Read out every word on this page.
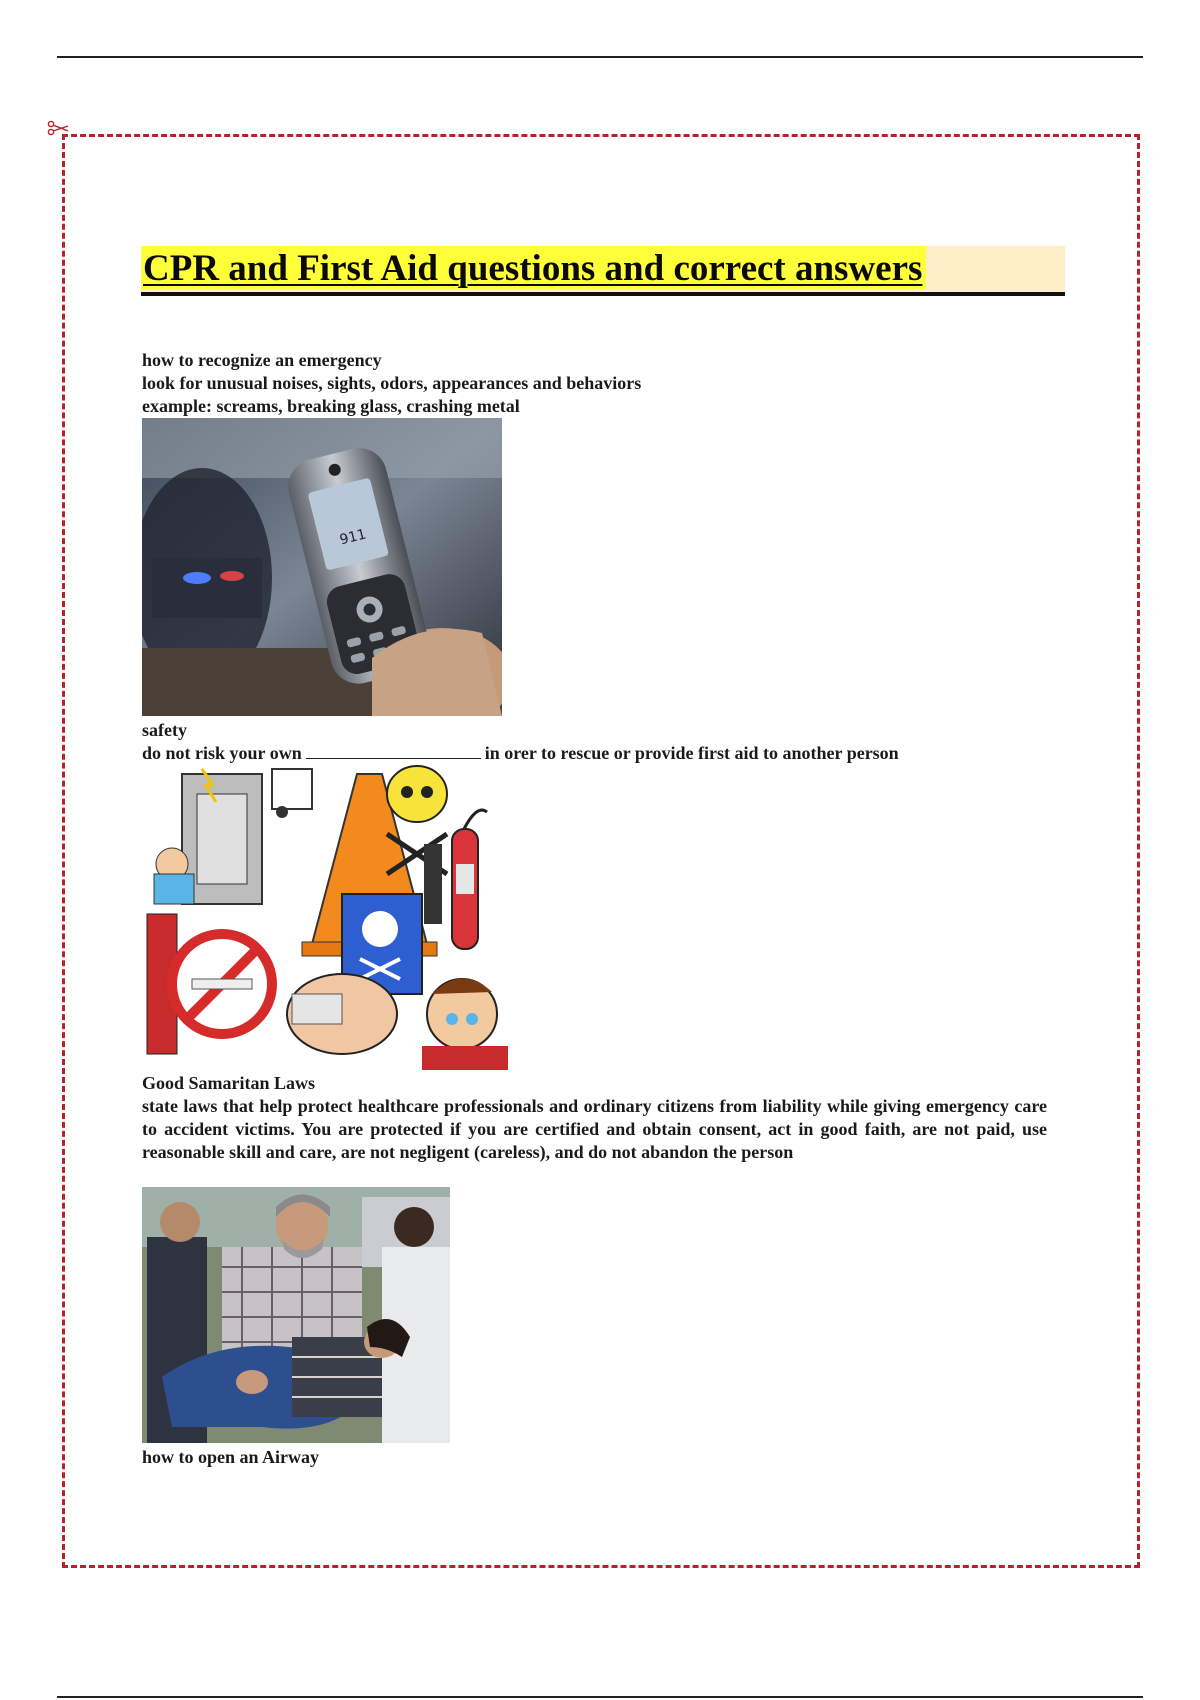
CPR and First Aid questions and correct answers
how to recognize an emergency
look for unusual noises, sights, odors, appearances and behaviors
example: screams, breaking glass, crashing metal
911
safety
do not risk your own	in orer to rescue or provide first aid to another person
Good Samaritan Laws
state laws that help protect healthcare professionals and ordinary citizens from liability while giving emergency care to accident victims. You are protected if you are certified and obtain consent, act in good faith, are not paid, use reasonable skill and care, are not negligent (careless), and do not abandon the person
how to open an Airway
